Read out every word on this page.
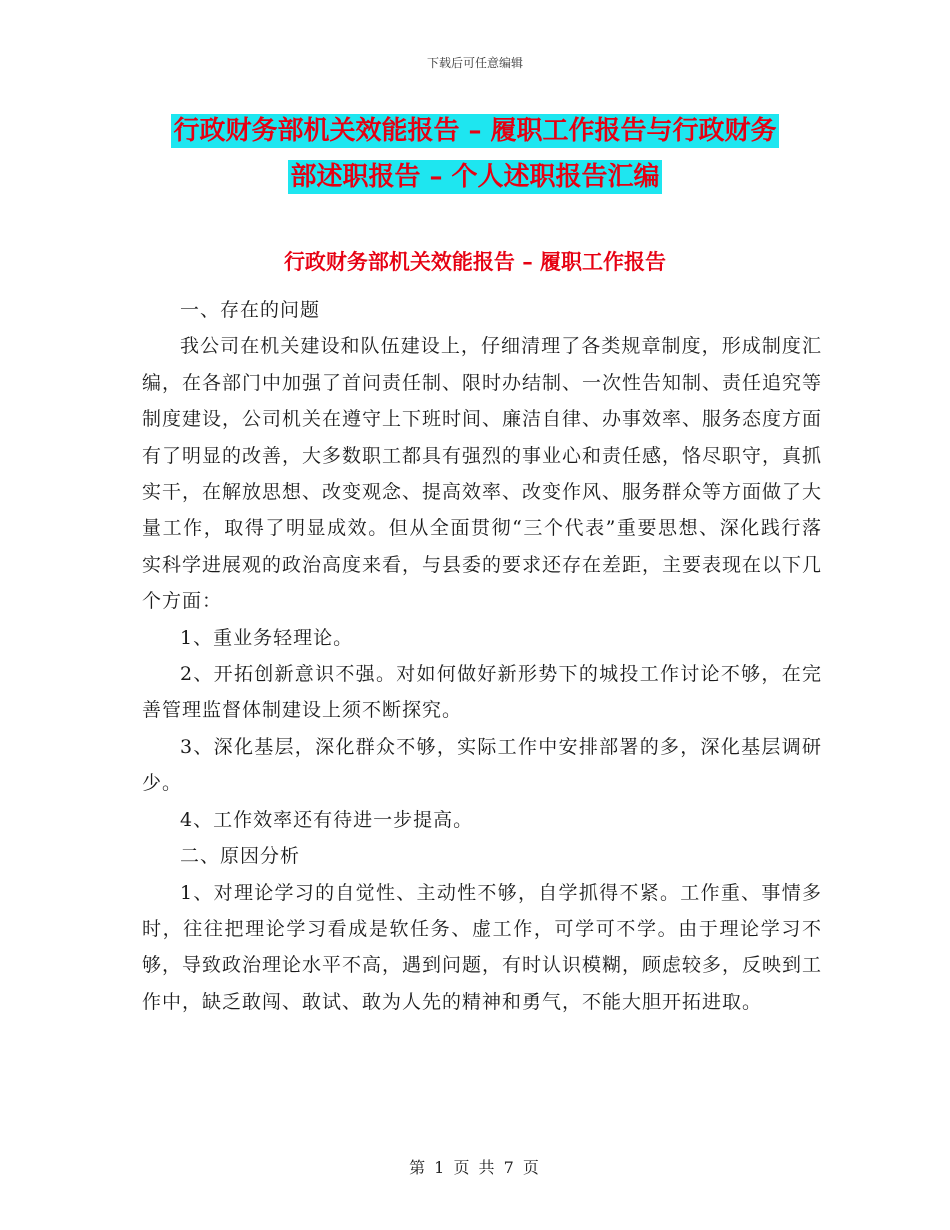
下载后可任意编辑
行政财务部机关效能报告 – 履职工作报告与行政财务
部述职报告 – 个人述职报告汇编
行政财务部机关效能报告 – 履职工作报告

一、存在的问题

我公司在机关建设和队伍建设上，仔细清理了各类规章制度，形成制度汇编，在各部门中加强了首问责任制、限时办结制、一次性告知制、责任追究等制度建设，公司机关在遵守上下班时间、廉洁自律、办事效率、服务态度方面有了明显的改善，大多数职工都具有强烈的事业心和责任感，恪尽职守，真抓实干，在解放思想、改变观念、提高效率、改变作风、服务群众等方面做了大量工作，取得了明显成效。但从全面贯彻“三个代表”重要思想、深化践行落实科学进展观的政治高度来看，与县委的要求还存在差距，主要表现在以下几个方面：

1、重业务轻理论。

2、开拓创新意识不强。对如何做好新形势下的城投工作讨论不够，在完善管理监督体制建设上须不断探究。

3、深化基层，深化群众不够，实际工作中安排部署的多，深化基层调研少。

4、工作效率还有待进一步提高。

二、原因分析

1、对理论学习的自觉性、主动性不够，自学抓得不紧。工作重、事情多时，往往把理论学习看成是软任务、虚工作，可学可不学。由于理论学习不够，导致政治理论水平不高，遇到问题，有时认识模糊，顾虑较多，反映到工作中，缺乏敢闯、敢试、敢为人先的精神和勇气，不能大胆开拓进取。

第 1 页 共 7 页
